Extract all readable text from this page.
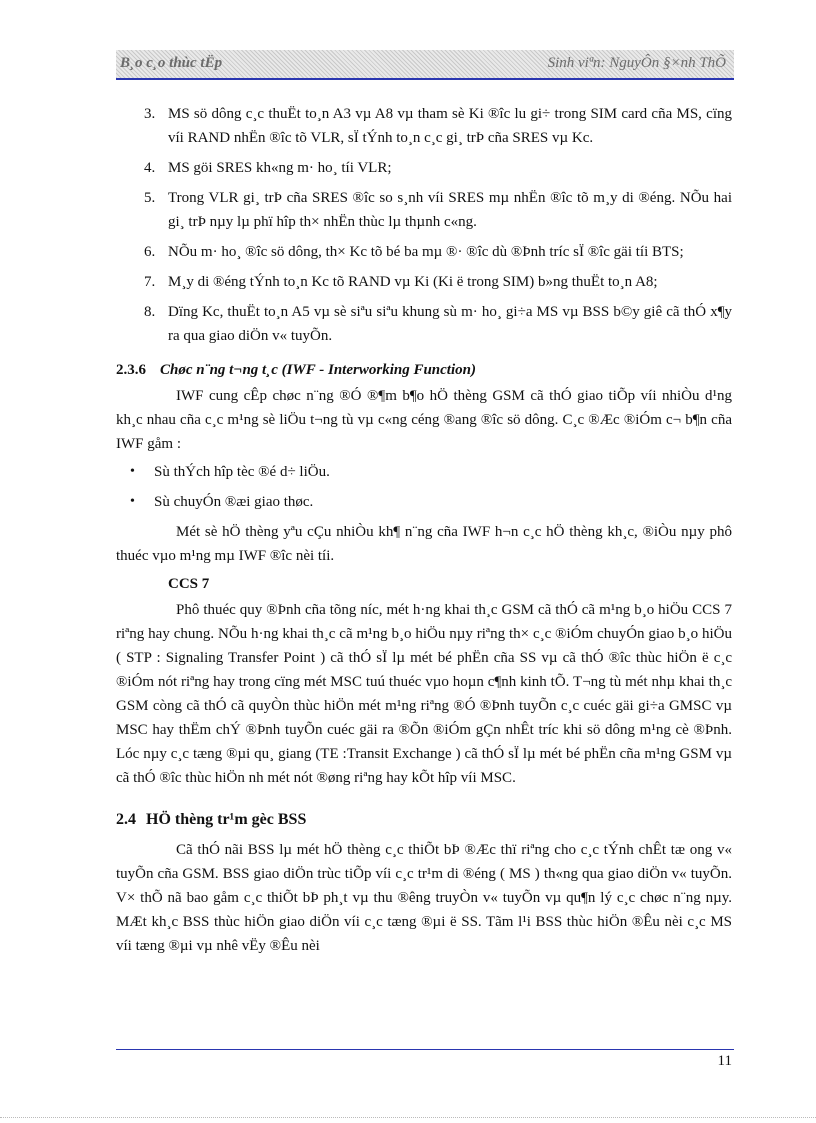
B¸o c¸o thùc tËp	Sinh viªn: NguyÔn §×nh ThÕ
3. MS sö dông c¸c thuËt to¸n A3 vµ A8 vµ tham sè Ki ®îc lu gi÷ trong SIM card cña MS, cïng víi RAND nhËn ®îc tõ VLR, sÏ tÝnh to¸n c¸c gi¸ trÞ cña SRES vµ Kc.
4. MS göi SRES kh«ng m· ho¸ tíi VLR;
5. Trong VLR gi¸ trÞ cña SRES ®îc so s¸nh víi SRES mµ nhËn ®îc tõ m¸y di ®éng. NÕu hai gi¸ trÞ nµy lµ phï hîp th× nhËn thùc lµ thµnh c«ng.
6. NÕu m· ho¸ ®îc sö dông, th× Kc tõ bé ba mµ ®· ®îc dù ®Þnh tríc sÏ ®îc gäi tíi BTS;
7. M¸y di ®éng tÝnh to¸n Kc tõ RAND vµ Ki (Ki ë trong SIM) b»ng thuËt to¸n A8;
8. Dïng Kc, thuËt to¸n A5 vµ sè siªu siªu khung sù m· ho¸ gi÷a MS vµ BSS b©y giê cã thÓ x¶y ra qua giao diÖn v« tuyÕn.
2.3.6 Chøc n¨ng t¬ng t¸c (IWF - Interworking Function)

IWF cung cÊp chøc n¨ng ®Ó ®¶m b¶o hÖ thèng GSM cã thÓ giao tiÕp víi nhiÒu d¹ng kh¸c nhau cña c¸c m¹ng sè liÖu t¬ng tù vµ c«ng céng ®ang ®îc sö dông. C¸c ®Æc ®iÓm c¬ b¶n cña IWF gåm :

• Sù thÝch hîp tèc ®é d÷ liÖu.
• Sù chuyÓn ®æi giao thøc.

Mét sè hÖ thèng yªu cÇu nhiÒu kh¶ n¨ng cña IWF h¬n c¸c hÖ thèng kh¸c, ®iÒu nµy phô thuéc vµo m¹ng mµ IWF ®îc nèi tíi.

CCS 7

Phô thuéc quy ®Þnh cña tõng níc, mét h·ng khai th¸c GSM cã thÓ cã m¹ng b¸o hiÖu CCS 7 riªng hay chung. NÕu h·ng khai th¸c cã m¹ng b¸o hiÖu nµy riªng th× c¸c ®iÓm chuyÓn giao b¸o hiÖu ( STP : Signaling Transfer Point ) cã thÓ sÏ lµ mét bé phËn cña SS vµ cã thÓ ®îc thùc hiÖn ë c¸c ®iÓm nót riªng hay trong cïng mét MSC tuú thuéc vµo hoµn c¶nh kinh tÕ. T¬ng tù mét nhµ khai th¸c GSM còng cã thÓ cã quyÒn thùc hiÖn mét m¹ng riªng ®Ó ®Þnh tuyÕn c¸c cuéc gäi gi÷a GMSC vµ MSC hay thËm chÝ ®Þnh tuyÕn cuéc gäi ra ®Õn ®iÓm gÇn nhÊt tríc khi sö dông m¹ng cè ®Þnh. Lóc nµy c¸c tæng ®µi qu¸ giang (TE :Transit Exchange ) cã thÓ sÏ lµ mét bé phËn cña m¹ng GSM vµ cã thÓ ®îc thùc hiÖn nh mét nót ®øng riªng hay kÕt hîp víi MSC.

2.4 HÖ thèng tr¹m gèc BSS

Cã thÓ nãi BSS lµ mét hÖ thèng c¸c thiÕt bÞ ®Æc thï riªng cho c¸c tÝnh chÊt tæ ong v« tuyÕn cña GSM. BSS giao diÖn trùc tiÕp víi c¸c tr¹m di ®éng ( MS ) th«ng qua giao diÖn v« tuyÕn. V× thÕ nã bao gåm c¸c thiÕt bÞ ph¸t vµ thu ®êng truyÒn v« tuyÕn vµ qu¶n lý c¸c chøc n¨ng nµy. MÆt kh¸c BSS thùc hiÖn giao diÖn víi c¸c tæng ®µi ë SS. Tãm l¹i BSS thùc hiÖn ®Êu nèi c¸c MS víi tæng ®µi vµ nhê vËy ®Êu nèi

11
